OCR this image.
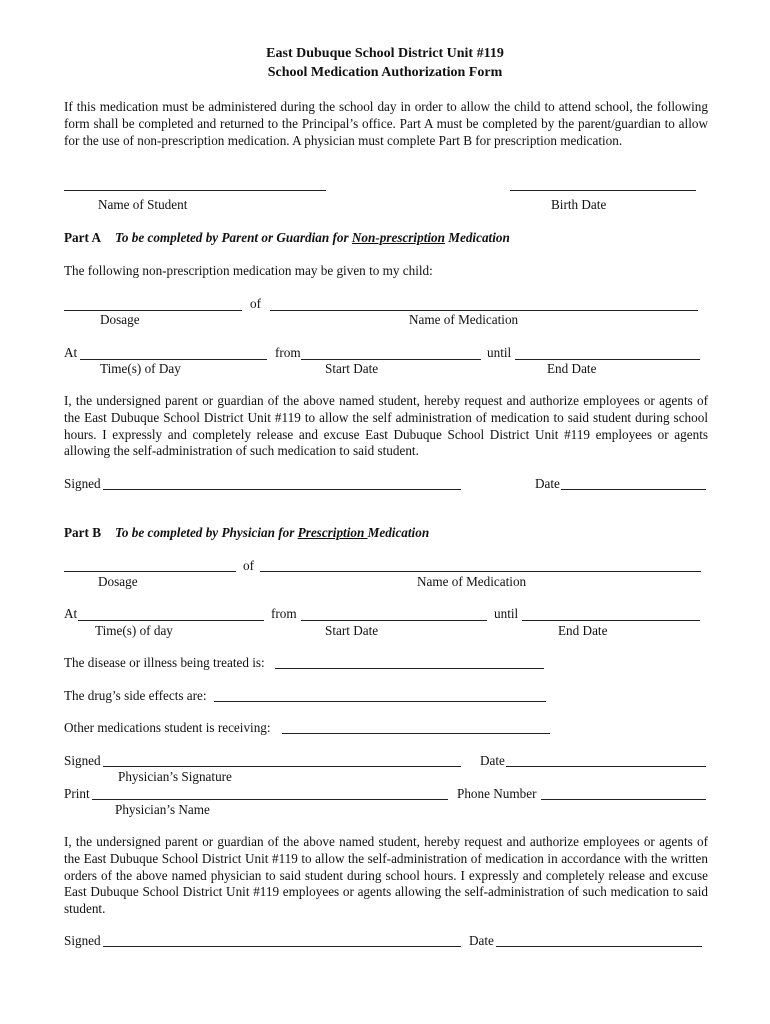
East Dubuque School District Unit #119
School Medication Authorization Form
If this medication must be administered during the school day in order to allow the child to attend school, the following form shall be completed and returned to the Principal’s office. Part A must be completed by the parent/guardian to allow for the use of non-prescription medication. A physician must complete Part B for prescription medication.
Name of Student	Birth Date
Part A To be completed by Parent or Guardian for Non-prescription Medication
The following non-prescription medication may be given to my child:
of
Dosage	Name of Medication
At	from	until
Time(s) of Day	Start Date	End Date
I, the undersigned parent or guardian of the above named student, hereby request and authorize employees or agents of the East Dubuque School District Unit #119 to allow the self administration of medication to said student during school hours. I expressly and completely release and excuse East Dubuque School District Unit #119 employees or agents allowing the self-administration of such medication to said student.
Signed	Date
Part B To be completed by Physician for Prescription Medication
of
Dosage	Name of Medication
At	from	until
Time(s) of day	Start Date	End Date
The disease or illness being treated is:
The drug’s side effects are:
Other medications student is receiving:
Signed	Date
Physician’s Signature
Print	Phone Number
Physician’s Name
I, the undersigned parent or guardian of the above named student, hereby request and authorize employees or agents of the East Dubuque School District Unit #119 to allow the self-administration of medication in accordance with the written orders of the above named physician to said student during school hours. I expressly and completely release and excuse East Dubuque School District Unit #119 employees or agents allowing the self-administration of such medication to said student.
Signed	Date
